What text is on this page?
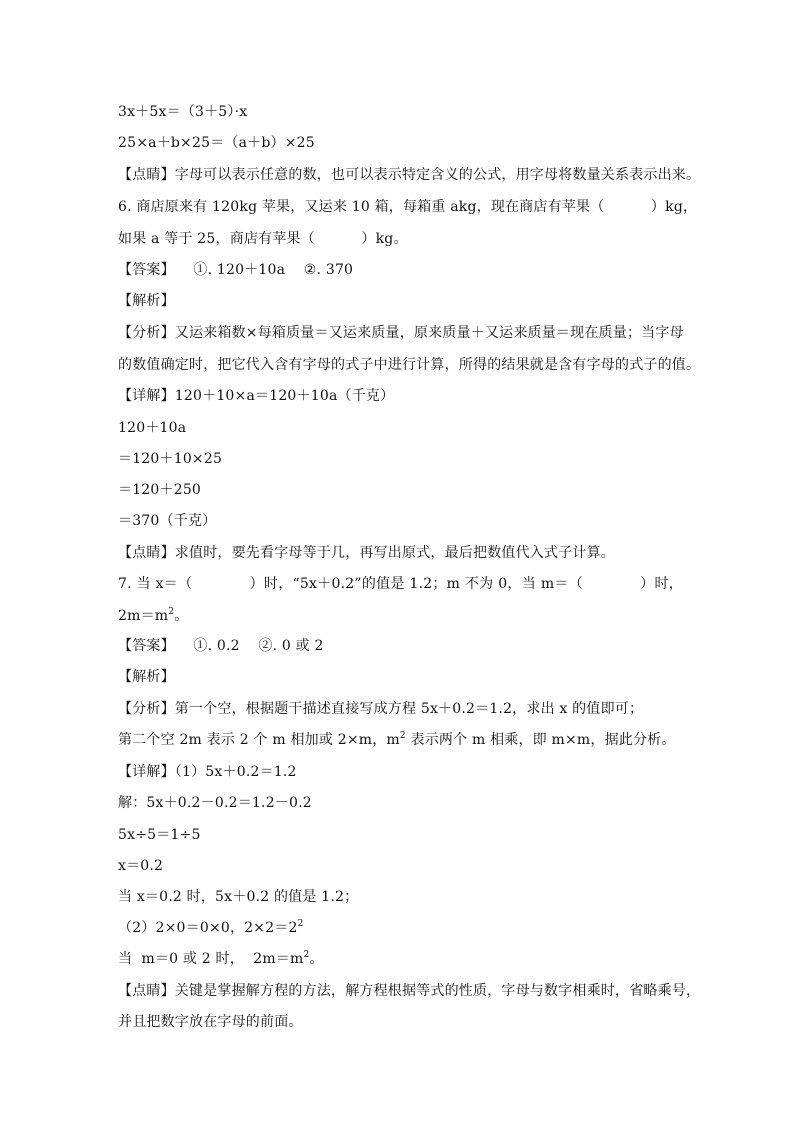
3x＋5x＝（3＋5）·x
25×a＋b×25＝（a＋b）×25
【点睛】字母可以表示任意的数，也可以表示特定含义的公式，用字母将数量关系表示出来。
6. 商店原来有 120kg 苹果，又运来 10 箱，每箱重 akg，现在商店有苹果（          ）kg，
如果 a 等于 25，商店有苹果（          ）kg。
【答案】    ①. 120＋10a    ②. 370
【解析】
【分析】又运来箱数×每箱质量＝又运来质量，原来质量＋又运来质量＝现在质量；当字母
的数值确定时，把它代入含有字母的式子中进行计算，所得的结果就是含有字母的式子的值。
【详解】120＋10×a＝120＋10a（千克）
120＋10a
＝120＋10×25
＝120＋250
＝370（千克）
【点睛】求值时，要先看字母等于几，再写出原式，最后把数值代入式子计算。
7. 当 x＝（            ）时，“5x＋0.2”的值是 1.2；m 不为 0，当 m＝（            ）时，
$2m=m^2$。
【答案】    ①. 0.2    ②. 0 或 2
【解析】
【分析】第一个空，根据题干描述直接写成方程 5x＋0.2＝1.2，求出 x 的值即可；
第二个空 2m 表示 2 个 m 相加或 2×m，$m^2$ 表示两个 m 相乘，即 m×m，据此分析。
【详解】（1）5x＋0.2＝1.2
解：5x＋0.2－0.2＝1.2－0.2
5x÷5＝1÷5
x＝0.2
当 x＝0.2 时，5x＋0.2 的值是 1.2；
（2）2×0＝0×0，$2\times 2=2^2$
当  m＝0 或 2 时，  $2m=m^2$。
【点睛】关键是掌握解方程的方法，解方程根据等式的性质，字母与数字相乘时，省略乘号，
并且把数字放在字母的前面。
